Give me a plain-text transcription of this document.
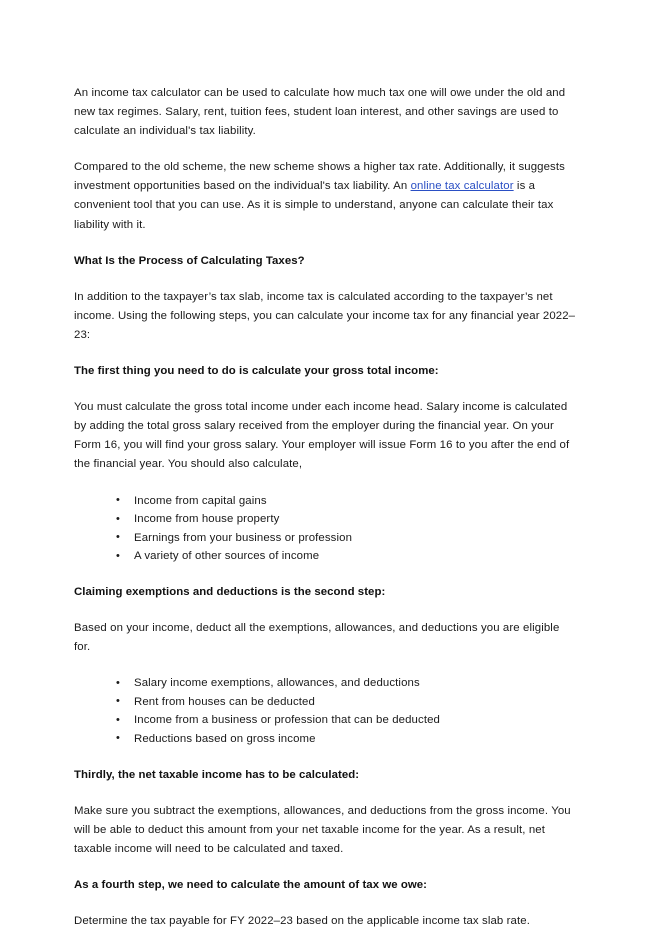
An income tax calculator can be used to calculate how much tax one will owe under the old and new tax regimes. Salary, rent, tuition fees, student loan interest, and other savings are used to calculate an individual's tax liability.

Compared to the old scheme, the new scheme shows a higher tax rate. Additionally, it suggests investment opportunities based on the individual's tax liability. An online tax calculator is a convenient tool that you can use. As it is simple to understand, anyone can calculate their tax liability with it.

What Is the Process of Calculating Taxes?

In addition to the taxpayer’s tax slab, income tax is calculated according to the taxpayer’s net income. Using the following steps, you can calculate your income tax for any financial year 2022–23:

The first thing you need to do is calculate your gross total income:

You must calculate the gross total income under each income head. Salary income is calculated by adding the total gross salary received from the employer during the financial year. On your Form 16, you will find your gross salary. Your employer will issue Form 16 to you after the end of the financial year. You should also calculate,

• Income from capital gains
• Income from house property
• Earnings from your business or profession
• A variety of other sources of income
Claiming exemptions and deductions is the second step:

Based on your income, deduct all the exemptions, allowances, and deductions you are eligible for.

• Salary income exemptions, allowances, and deductions
• Rent from houses can be deducted
• Income from a business or profession that can be deducted
• Reductions based on gross income
Thirdly, the net taxable income has to be calculated:

Make sure you subtract the exemptions, allowances, and deductions from the gross income. You will be able to deduct this amount from your net taxable income for the year. As a result, net taxable income will need to be calculated and taxed.

As a fourth step, we need to calculate the amount of tax we owe:

Determine the tax payable for FY 2022–23 based on the applicable income tax slab rate.
